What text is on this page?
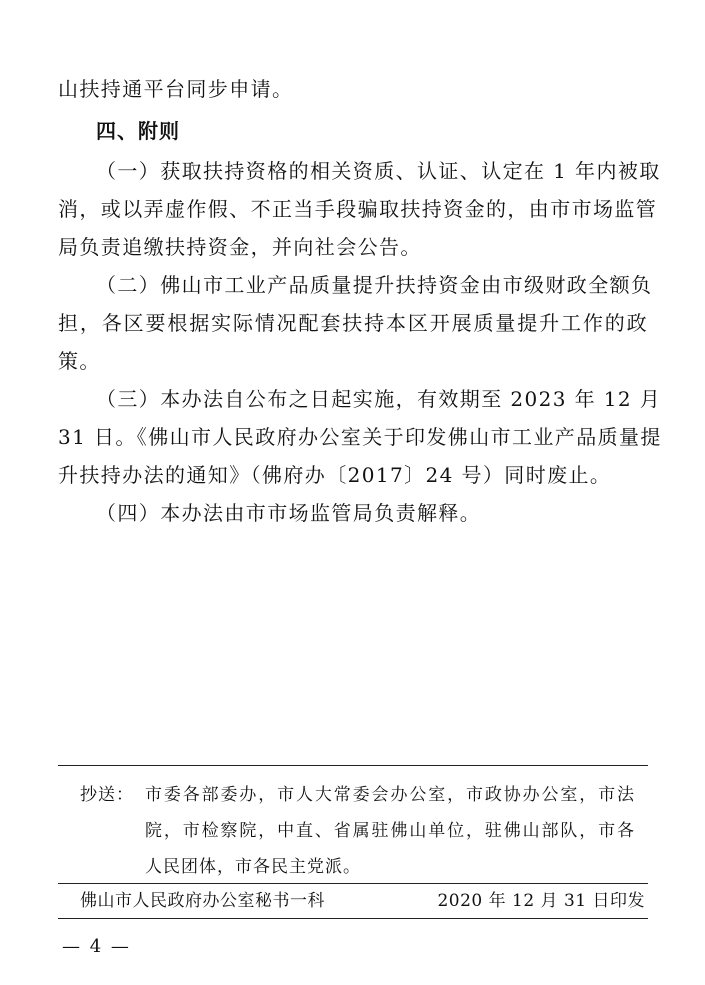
山扶持通平台同步申请。
四、附则
（一）获取扶持资格的相关资质、认证、认定在 1 年内被取
消，或以弄虚作假、不正当手段骗取扶持资金的，由市市场监管
局负责追缴扶持资金，并向社会公告。
（二）佛山市工业产品质量提升扶持资金由市级财政全额负
担，各区要根据实际情况配套扶持本区开展质量提升工作的政
策。
（三）本办法自公布之日起实施，有效期至 2023 年 12 月
31 日。《佛山市人民政府办公室关于印发佛山市工业产品质量提
升扶持办法的通知》（佛府办〔2017〕24 号）同时废止。
（四）本办法由市市场监管局负责解释。
抄送： 市委各部委办，市人大常委会办公室，市政协办公室，市法
院，市检察院，中直、省属驻佛山单位，驻佛山部队，市各
人民团体，市各民主党派。
佛山市人民政府办公室秘书一科	2020 年 12 月 31 日印发
— 4 —
